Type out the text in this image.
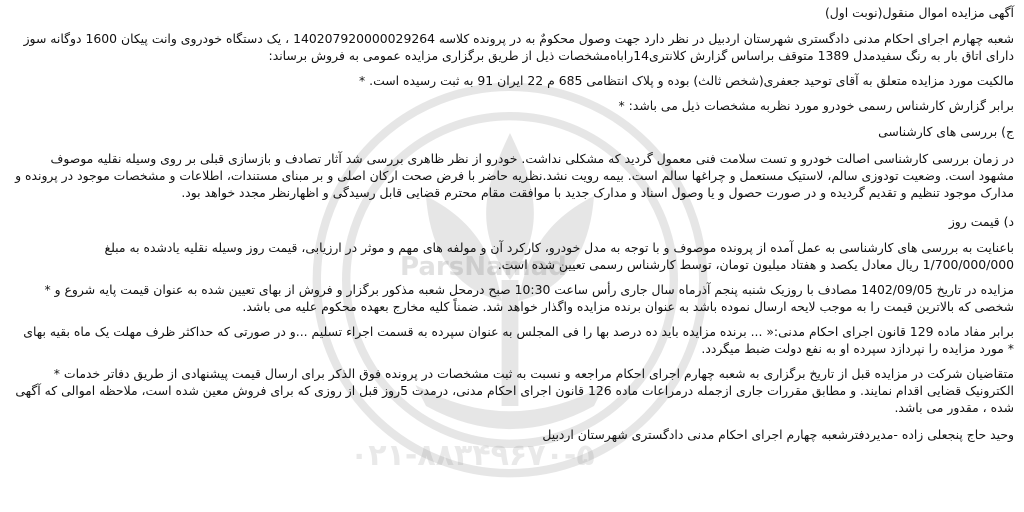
ParsNamad
۰۲۱-۸۸۳۴۹۶۷۰-۵

آگهی مزایده اموال منقول(نوبت اول)

شعبه چهارم اجرای احکام مدنی دادگستری شهرستان اردبیل در نظر دارد جهت وصول محکومٌ به در پرونده کلاسه 140207920000029264 ، یک دستگاه خودروی وانت پیکان 1600 دوگانه سوز دارای اتاق بار به رنگ سفیدمدل 1389 متوقف براساس گزارش کلانتری14راباەمشخصات ذیل از طریق برگزاری مزایده عمومی به فروش برساند:

مالکیت مورد مزایده متعلق به آقای توحید جعفری(شخص ثالث) بوده و پلاک انتظامی 685 م 22 ایران 91 به ثبت رسیده است. *

برابر گزارش کارشناس رسمی خودرو مورد نظربه مشخصات ذیل می باشد: *

ج) بررسی های کارشناسی

در زمان بررسی کارشناسی اصالت خودرو و تست سلامت فنی معمول گردید که مشکلی نداشت. خودرو از نظر ظاهری بررسی شد آثار تصادف و بازسازی قبلی بر روی وسیله نقلیه موصوف مشهود است. وضعیت تودوزی سالم، لاستیک مستعمل و چراغها سالم است. بیمه رویت نشد.نظریه حاضر با فرض صحت ارکان اصلی و بر مبنای مستندات، اطلاعات و مشخصات موجود در پرونده و مدارک موجود تنظیم و تقدیم گردیده و در صورت حصول و یا وصول اسناد و مدارک جدید با موافقت مقام محترم قضایی قابل رسیدگی و اظهارنظر مجدد خواهد بود.

د) قیمت روز

باعنایت به بررسی های کارشناسی به عمل آمده از پرونده موصوف و با توجه به مدل خودرو، کارکرد آن و مولفه های مهم و موثر در ارزیابی، قیمت روز وسیله نقلیه یادشده به مبلغ 1/700/000/000 ریال معادل یکصد و هفتاد میلیون تومان، توسط کارشناس رسمی تعیین شده است.

مزایده در تاریخ 1402/09/05 مصادف با روزیک شنبه پنجم آذرماه سال جاری رأس ساعت 10:30 صبح درمحل شعبه مذکور برگزار و فروش از بهای تعیین شده به عنوان قیمت پایه شروع و * شخصی که بالاترین قیمت را به موجب لایحه ارسال نموده باشد به عنوان برنده مزایده واگذار خواهد شد. ضمناً کلیه مخارج بعهده محکوم علیه می باشد.

برابر مفاد ماده 129 قانون اجرای احکام مدنی:« ... برنده مزایده باید ده درصد بها را فی المجلس به عنوان سپرده به قسمت اجراء تسلیم ...و در صورتی که حداکثر ظرف مهلت یک ماه بقیه بهای * مورد مزایده را نپردازد سپرده او به نفع دولت ضبط میگردد.

متقاضیان شرکت در مزایده قبل از تاریخ برگزاری به شعبه چهارم اجرای احکام مراجعه و نسبت به ثبت مشخصات در پرونده فوق الذکر برای ارسال قیمت پیشنهادی از طریق دفاتر خدمات * الکترونیک قضایی اقدام نمایند. و مطابق مقررات جاری ازجمله درمراعات ماده 126 قانون اجرای احکام مدنی، درمدت 5روز قبل از روزی که برای فروش معین شده است، ملاحظه اموالی که آگهی شده ، مقدور می باشد.

وحید حاج پنجعلی زاده -مدیردفترشعبه چهارم اجرای احکام مدنی دادگستری شهرستان اردبیل
